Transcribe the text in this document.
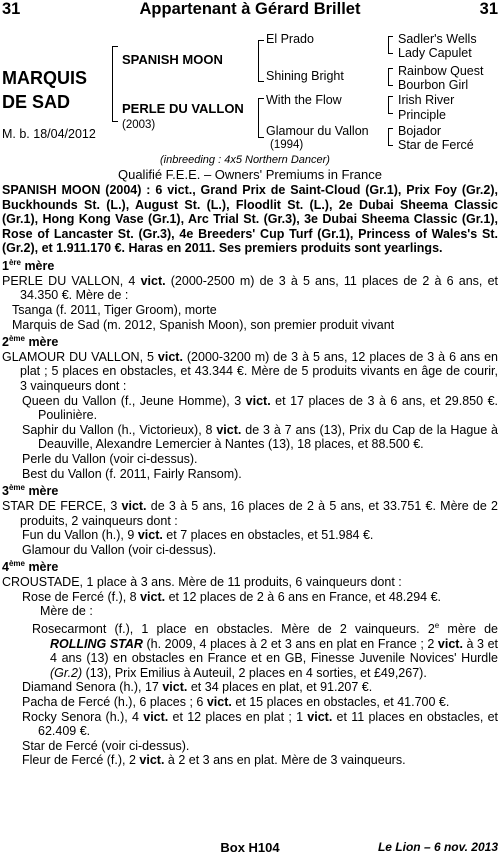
31	Appartenant à Gérard Brillet	31
MARQUIS
DE SAD
M. b. 18/04/2012
SPANISH MOON
PERLE DU VALLON
(2003)
El Prado
Shining Bright
With the Flow
Glamour du Vallon
(1994)
Sadler's Wells
Lady Capulet
Rainbow Quest
Bourbon Girl
Irish River
Principle
Bojador
Star de Fercé
(inbreeding : 4x5 Northern Dancer)
Qualifié F.E.E. – Owners' Premiums in France

SPANISH MOON (2004) : 6 vict., Grand Prix de Saint-Cloud (Gr.1), Prix Foy (Gr.2), Buckhounds St. (L.), August St. (L.), Floodlit St. (L.), 2e Dubai Sheema Classic (Gr.1), Hong Kong Vase (Gr.1), Arc Trial St. (Gr.3), 3e Dubai Sheema Classic (Gr.1), Rose of Lancaster St. (Gr.3), 4e Breeders' Cup Turf (Gr.1), Princess of Wales's St. (Gr.2), et 1.911.170 €. Haras en 2011. Ses premiers produits sont yearlings.

1ère mère

PERLE DU VALLON, 4 vict. (2000-2500 m) de 3 à 5 ans, 11 places de 2 à 6 ans, et 34.350 €. Mère de :

Tsanga (f. 2011, Tiger Groom), morte

Marquis de Sad (m. 2012, Spanish Moon), son premier produit vivant

2ème mère

GLAMOUR DU VALLON, 5 vict. (2000-3200 m) de 3 à 5 ans, 12 places de 3 à 6 ans en plat ; 5 places en obstacles, et 43.344 €. Mère de 5 produits vivants en âge de courir, 3 vainqueurs dont :

Queen du Vallon (f., Jeune Homme), 3 vict. et 17 places de 3 à 6 ans, et 29.850 €. Poulinière.

Saphir du Vallon (h., Victorieux), 8 vict. de 3 à 7 ans (13), Prix du Cap de la Hague à Deauville, Alexandre Lemercier à Nantes (13), 18 places, et 88.500 €.

Perle du Vallon (voir ci-dessus).

Best du Vallon (f. 2011, Fairly Ransom).

3ème mère

STAR DE FERCE, 3 vict. de 3 à 5 ans, 16 places de 2 à 5 ans, et 33.751 €. Mère de 2 produits, 2 vainqueurs dont :

Fun du Vallon (h.), 9 vict. et 7 places en obstacles, et 51.984 €.

Glamour du Vallon (voir ci-dessus).

4ème mère

CROUSTADE, 1 place à 3 ans. Mère de 11 produits, 6 vainqueurs dont :

Rose de Fercé (f.), 8 vict. et 12 places de 2 à 6 ans en France, et 48.294 €.

Mère de :

Rosecarmont (f.), 1 place en obstacles. Mère de 2 vainqueurs. 2e mère de ROLLING STAR (h. 2009, 4 places à 2 et 3 ans en plat en France ; 2 vict. à 3 et 4 ans (13) en obstacles en France et en GB, Finesse Juvenile Novices' Hurdle (Gr.2) (13), Prix Emilius à Auteuil, 2 places en 4 sorties, et £49,267).

Diamand Senora (h.), 17 vict. et 34 places en plat, et 91.207 €.

Pacha de Fercé (h.), 6 places ; 6 vict. et 15 places en obstacles, et 41.700 €.

Rocky Senora (h.), 4 vict. et 12 places en plat ; 1 vict. et 11 places en obstacles, et 62.409 €.

Star de Fercé (voir ci-dessus).

Fleur de Fercé (f.), 2 vict. à 2 et 3 ans en plat. Mère de 3 vainqueurs.

Box H104	Le Lion – 6 nov. 2013
